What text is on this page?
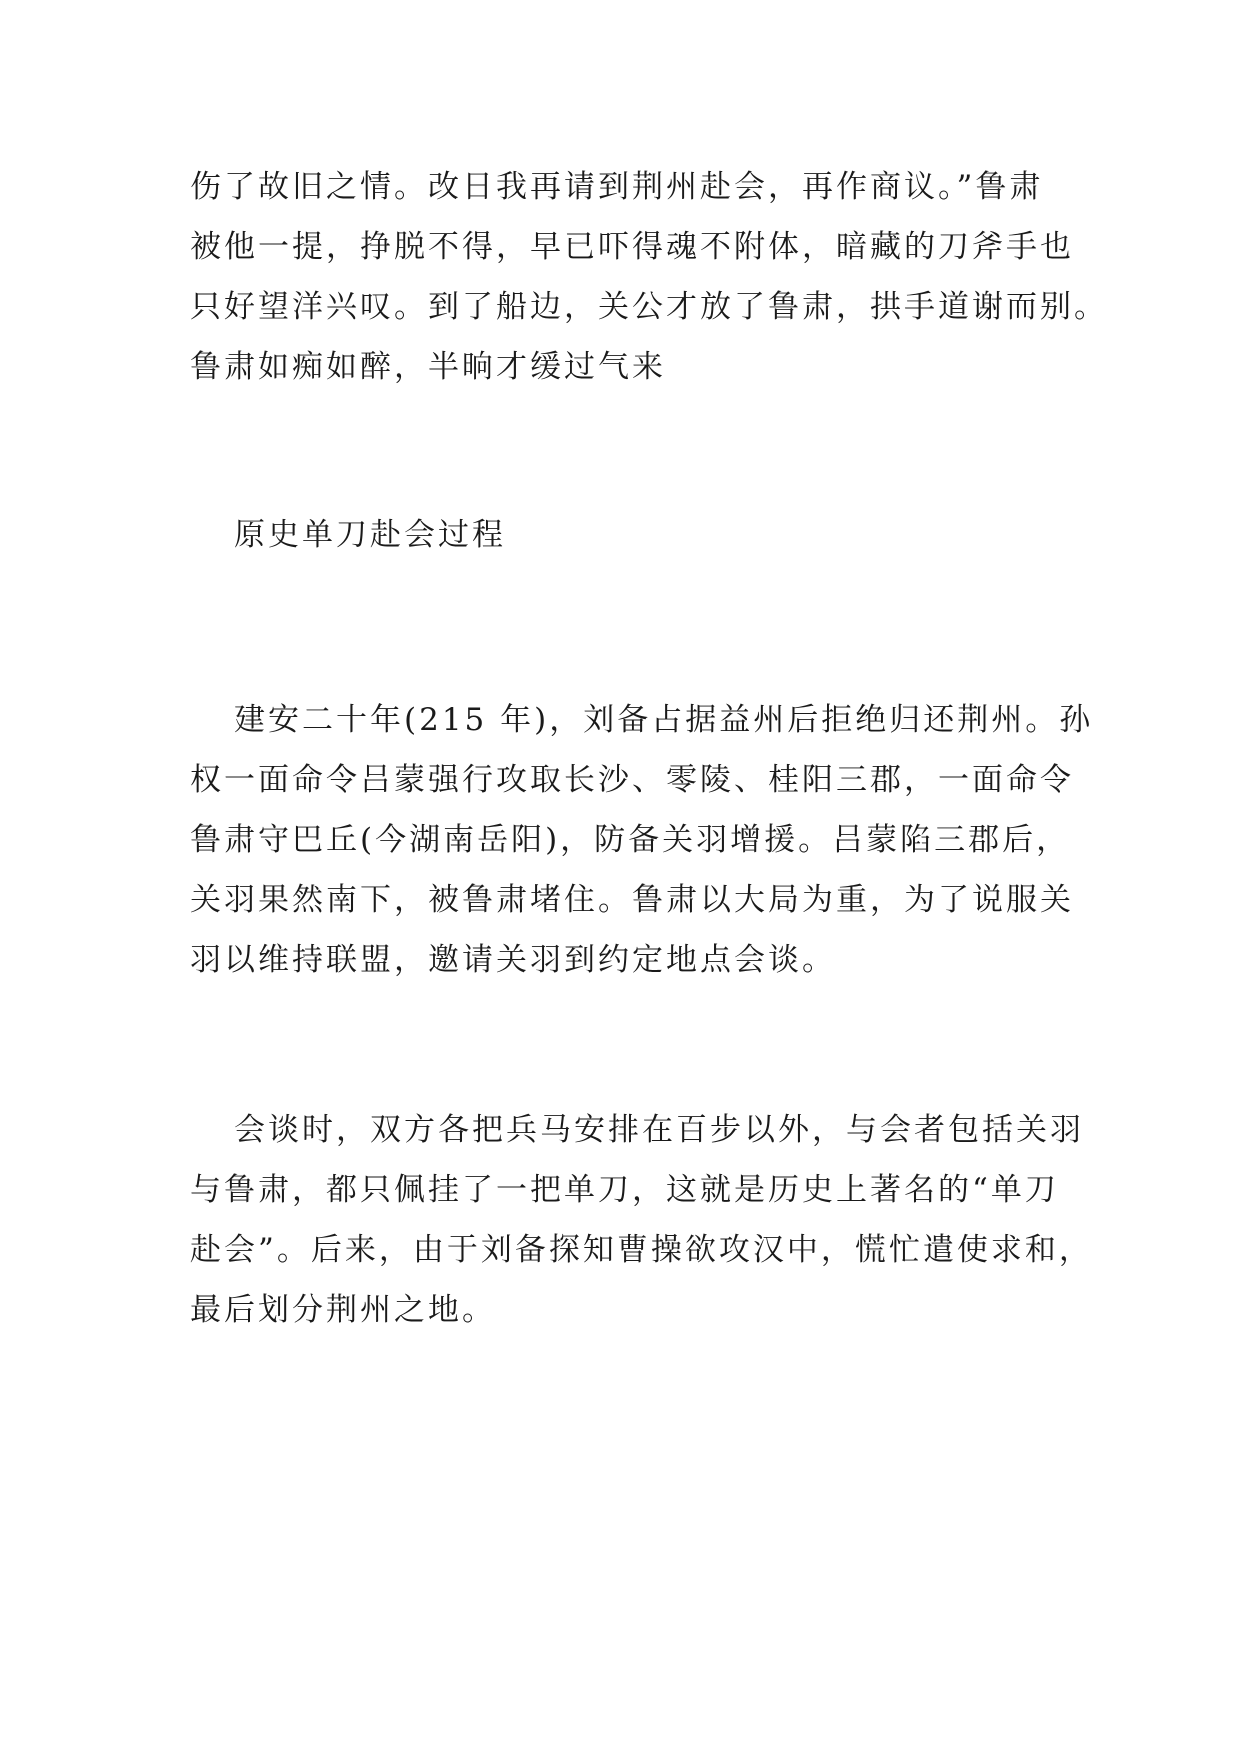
伤了故旧之情。改日我再请到荆州赴会，再作商议。”鲁肃
被他一提，挣脱不得，早已吓得魂不附体，暗藏的刀斧手也
只好望洋兴叹。到了船边，关公才放了鲁肃，拱手道谢而别。
鲁肃如痴如醉，半晌才缓过气来

原史单刀赴会过程

建安二十年(215 年)，刘备占据益州后拒绝归还荆州。孙
权一面命令吕蒙强行攻取长沙、零陵、桂阳三郡，一面命令
鲁肃守巴丘(今湖南岳阳)，防备关羽增援。吕蒙陷三郡后，
关羽果然南下，被鲁肃堵住。鲁肃以大局为重，为了说服关
羽以维持联盟，邀请关羽到约定地点会谈。

会谈时，双方各把兵马安排在百步以外，与会者包括关羽
与鲁肃，都只佩挂了一把单刀，这就是历史上著名的“单刀
赴会”。后来，由于刘备探知曹操欲攻汉中，慌忙遣使求和，
最后划分荆州之地。
